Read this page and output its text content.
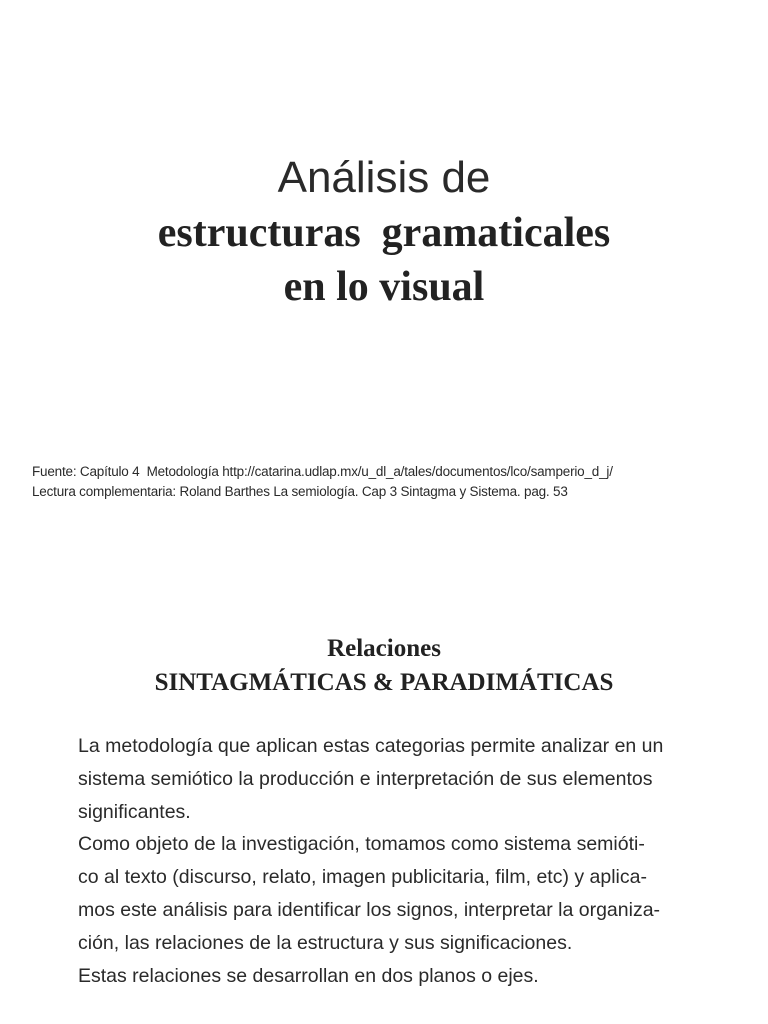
Análisis de

estructuras  gramaticales

en lo visual

Fuente: Capítulo 4  Metodología http://catarina.udlap.mx/u_dl_a/tales/documentos/lco/samperio_d_j/

Lectura complementaria: Roland Barthes La semiología. Cap 3 Sintagma y Sistema. pag. 53

Relaciones

SINTAGMÁTICAS & PARADIMÁTICAS

La metodología que aplican estas categorias permite analizar en un

sistema semiótico la producción e interpretación de sus elementos

significantes.

Como objeto de la investigación, tomamos como sistema semióti-

co al texto (discurso, relato, imagen publicitaria, film, etc) y aplica-

mos este análisis para identificar los signos, interpretar la organiza-

ción, las relaciones de la estructura y sus significaciones.

Estas relaciones se desarrollan en dos planos o ejes.
